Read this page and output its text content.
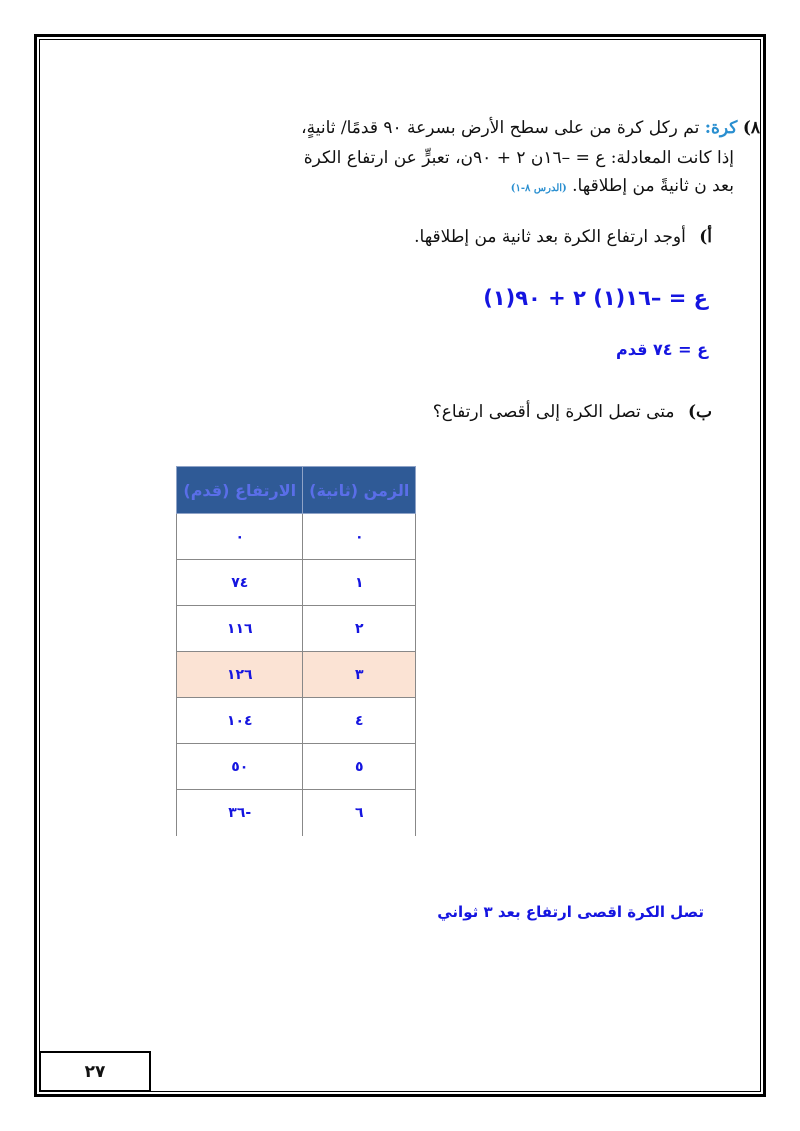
٨) كرة: تم ركل كرة من على سطح الأرض بسرعة ٩٠ قدمًا/ ثانيةٍ،
إذا كانت المعادلة: ع = –١٦ن ٢ + ٩٠ن، تعبرٍّ عن ارتفاع الكرة
بعد ن ثانيةً من إطلاقها. (الدرس ٨-١)
أ) أوجد ارتفاع الكرة بعد ثانية من إطلاقها.
ع = –١٦(١) ٢ + ٩٠(١)
ع = ٧٤ قدم
ب) متى تصل الكرة إلى أقصى ارتفاع؟
الزمن (ثانية)	الارتفاع (قدم)
٠	٠
١	٧٤
٢	١١٦
٣	١٢٦
٤	١٠٤
٥	٥٠
٦	-٣٦
تصل الكرة اقصى ارتفاع بعد ٣ ثواني
٢٧
